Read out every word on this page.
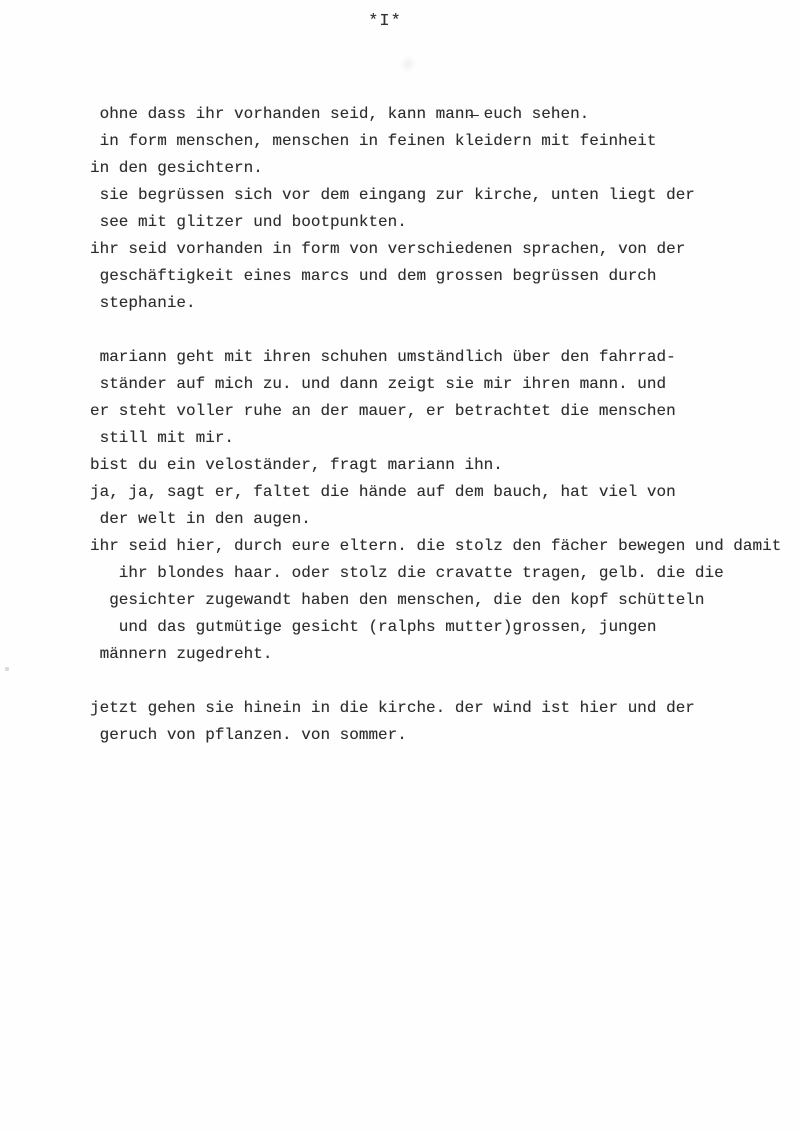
*I*
ohne dass ihr vorhanden seid, kann mann̶ euch sehen.
in form menschen, menschen in feinen kleidern mit feinheit
in den gesichtern.
sie begrüssen sich vor dem eingang zur kirche, unten liegt der
see mit glitzer und bootpunkten.
ihr seid vorhanden in form von verschiedenen sprachen, von der
geschäftigkeit eines marcs und dem grossen begrüssen durch
stephanie.
mariann geht mit ihren schuhen umständlich über den fahrrad-
ständer auf mich zu. und dann zeigt sie mir ihren mann. und
er steht voller ruhe an der mauer, er betrachtet die menschen
still mit mir.
bist du ein veloständer, fragt mariann ihn.
ja, ja, sagt er, faltet die hände auf dem bauch, hat viel von
der welt in den augen.
ihr seid hier, durch eure eltern. die stolz den fächer bewegen und damit
ihr blondes haar. oder stolz die cravatte tragen, gelb. die die
gesichter zugewandt haben den menschen, die den kopf schütteln
und das gutmütige gesicht (ralphs mutter)grossen, jungen
männern zugedreht.
jetzt gehen sie hinein in die kirche. der wind ist hier und der
geruch von pflanzen. von sommer.
